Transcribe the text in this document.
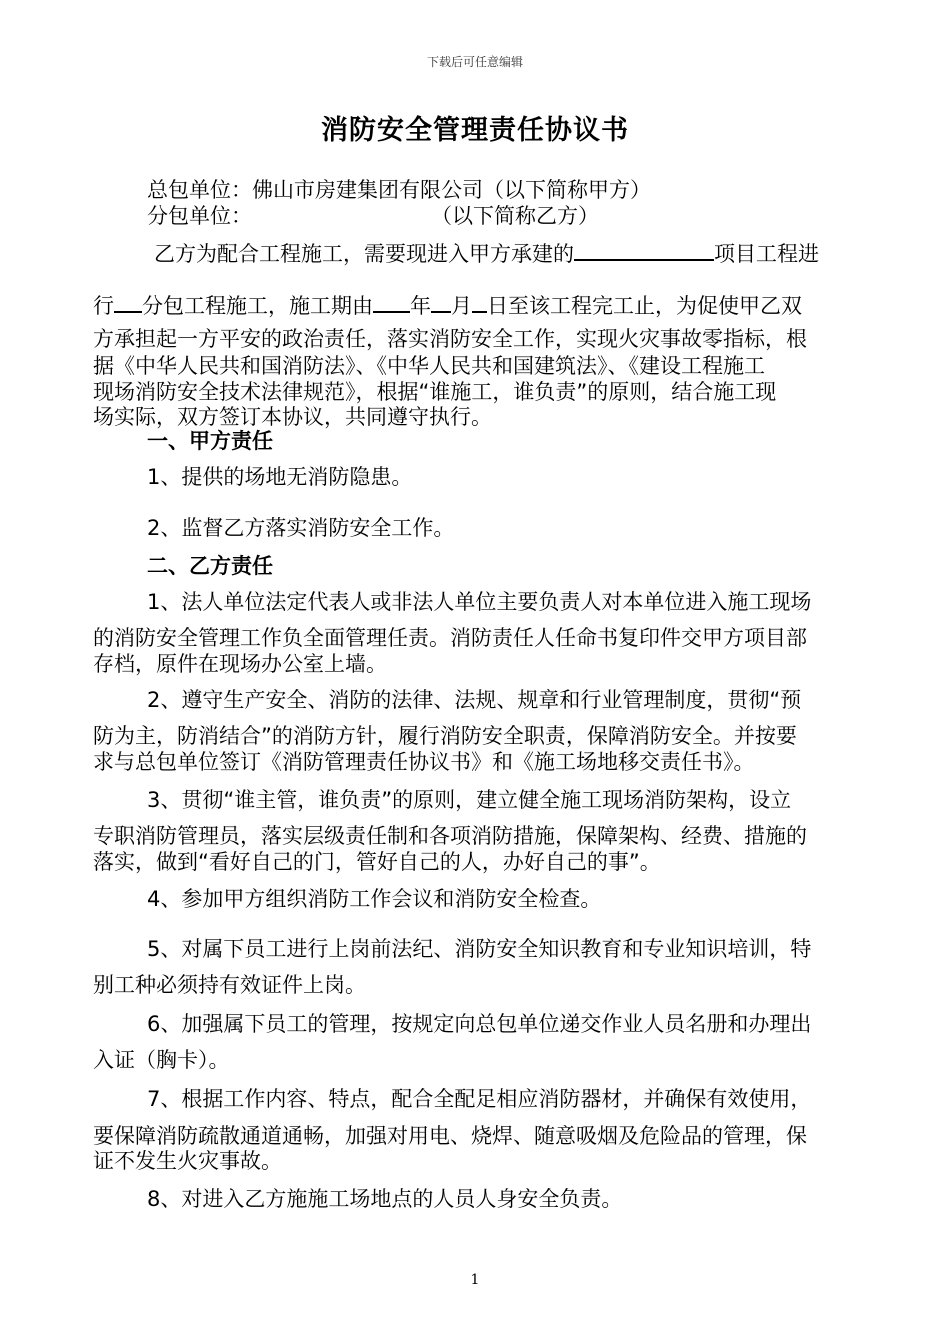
下载后可任意编辑
消防安全管理责任协议书
总包单位：佛山市房建集团有限公司（以下简称甲方）
分包单位：	（以下简称乙方）
乙方为配合工程施工，需要现进入甲方承建的	项目工程进
行 分包工程施工，施工期由 年 月 日至该工程完工止，为促使甲乙双
方承担起一方平安的政治责任，落实消防安全工作，实现火灾事故零指标，根
据《中华人民共和国消防法》、《中华人民共和国建筑法》、《建设工程施工
现场消防安全技术法律规范》，根据“谁施工，谁负责”的原则，结合施工现
场实际，双方签订本协议，共同遵守执行。
一、甲方责任
1、提供的场地无消防隐患。
2、监督乙方落实消防安全工作。
二、乙方责任
1、法人单位法定代表人或非法人单位主要负责人对本单位进入施工现场
的消防安全管理工作负全面管理任责。消防责任人任命书复印件交甲方项目部
存档，原件在现场办公室上墙。
2、遵守生产安全、消防的法律、法规、规章和行业管理制度，贯彻“预
防为主，防消结合”的消防方针，履行消防安全职责，保障消防安全。并按要
求与总包单位签订《消防管理责任协议书》和《施工场地移交责任书》。
3、贯彻“谁主管，谁负责”的原则，建立健全施工现场消防架构，设立
专职消防管理员，落实层级责任制和各项消防措施，保障架构、经费、措施的
落实，做到“看好自己的门，管好自己的人，办好自己的事”。
4、参加甲方组织消防工作会议和消防安全检查。
5、对属下员工进行上岗前法纪、消防安全知识教育和专业知识培训，特
别工种必须持有效证件上岗。
6、加强属下员工的管理，按规定向总包单位递交作业人员名册和办理出
入证（胸卡）。
7、根据工作内容、特点，配合全配足相应消防器材，并确保有效使用，
要保障消防疏散通道通畅，加强对用电、烧焊、随意吸烟及危险品的管理，保
证不发生火灾事故。
8、对进入乙方施施工场地点的人员人身安全负责。
1
